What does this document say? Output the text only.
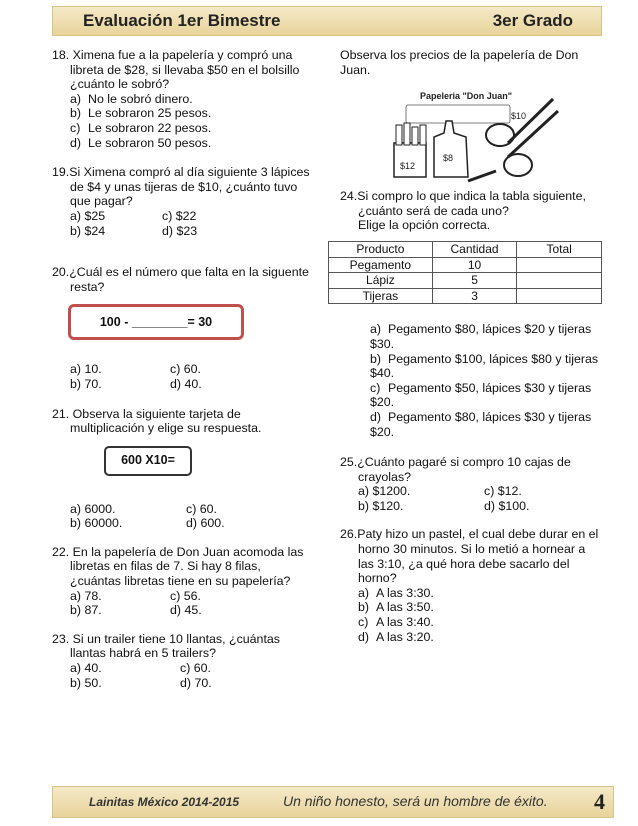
Evaluación 1er Bimestre	3er Grado
18. Ximena fue a la papelería y compró una libreta de $28, si llevaba $50 en el bolsillo ¿cuánto le sobró?
a) No le sobró dinero.
b) Le sobraron 25 pesos.
c) Le sobraron 22 pesos.
d) Le sobraron 50 pesos.
19.Si Ximena compró al día siguiente 3 lápices de $4 y unas tijeras de $10, ¿cuánto tuvo que pagar?
a) $25	c) $22
b) $24	d) $23
20.¿Cuál es el número que falta en la siguente resta?
100 - ________= 30
a) 10.	c) 60.
b) 70.	d) 40.
21. Observa la siguiente tarjeta de multiplicación y elige su respuesta.
600 X10=
a) 6000.	c) 60.
b) 60000.	d) 600.
22. En la papelería de Don Juan acomoda las libretas en filas de 7. Si hay 8 filas, ¿cuántas libretas tiene en su papelería?
a) 78.	c) 56.
b) 87.	d) 45.
23. Si un trailer tiene 10 llantas, ¿cuántas llantas habrá en 5 trailers?
a) 40.	c) 60.
b) 50.	d) 70.
Observa los precios de la papelería de Don Juan.
Papeleria "Don Juan"
$12
$8
$10
24.Si compro lo que indica la tabla siguiente, ¿cuánto será de cada uno?
Elige la opción correcta.
Producto	Cantidad	Total
Pegamento	10	
Lápiz	5	
Tijeras	3	
a) Pegamento $80, lápices $20 y tijeras $30.
b) Pegamento $100, lápices $80 y tijeras $40.
c) Pegamento $50, lápices $30 y tijeras $20.
d) Pegamento $80, lápices $30 y tijeras $20.
25.¿Cuánto pagaré si compro 10 cajas de crayolas?
a) $1200.	c) $12.
b) $120.	d) $100.
26.Paty hizo un pastel, el cual debe durar en el horno 30 minutos. Si lo metió a hornear a las 3:10, ¿a qué hora debe sacarlo del horno?
a) A las 3:30.
b) A las 3:50.
c) A las 3:40.
d) A las 3:20.
Lainitas México 2014-2015	Un niño honesto, será un hombre de éxito. 4
